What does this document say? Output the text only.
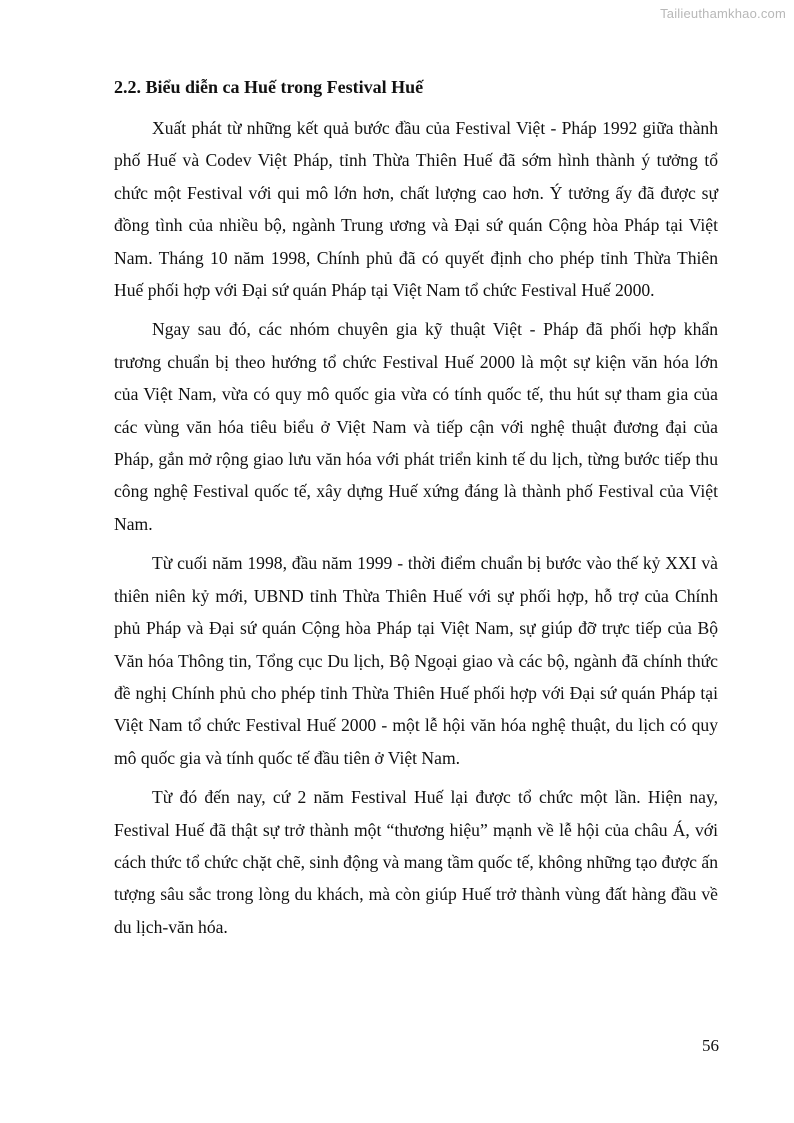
Tailieuthamkhao.com
2.2. Biểu diễn ca Huế trong Festival Huế

Xuất phát từ những kết quả bước đầu của Festival Việt - Pháp 1992 giữa thành phố Huế và Codev Việt Pháp, tỉnh Thừa Thiên Huế đã sớm hình thành ý tưởng tổ chức một Festival với qui mô lớn hơn, chất lượng cao hơn. Ý tưởng ấy đã được sự đồng tình của nhiều bộ, ngành Trung ương và Đại sứ quán Cộng hòa Pháp tại Việt Nam. Tháng 10 năm 1998, Chính phủ đã có quyết định cho phép tỉnh Thừa Thiên Huế phối hợp với Đại sứ quán Pháp tại Việt Nam tổ chức Festival Huế 2000.

Ngay sau đó, các nhóm chuyên gia kỹ thuật Việt - Pháp đã phối hợp khẩn trương chuẩn bị theo hướng tổ chức Festival Huế 2000 là một sự kiện văn hóa lớn của Việt Nam, vừa có quy mô quốc gia vừa có tính quốc tế, thu hút sự tham gia của các vùng văn hóa tiêu biểu ở Việt Nam và tiếp cận với nghệ thuật đương đại của Pháp, gắn mở rộng giao lưu văn hóa với phát triển kinh tế du lịch, từng bước tiếp thu công nghệ Festival quốc tế, xây dựng Huế xứng đáng là thành phố Festival của Việt Nam.

Từ cuối năm 1998, đầu năm 1999 - thời điểm chuẩn bị bước vào thế kỷ XXI và thiên niên kỷ mới, UBND tỉnh Thừa Thiên Huế với sự phối hợp, hỗ trợ của Chính phủ Pháp và Đại sứ quán Cộng hòa Pháp tại Việt Nam, sự giúp đỡ trực tiếp của Bộ Văn hóa Thông tin, Tổng cục Du lịch, Bộ Ngoại giao và các bộ, ngành đã chính thức đề nghị Chính phủ cho phép tỉnh Thừa Thiên Huế phối hợp với Đại sứ quán Pháp tại Việt Nam tổ chức Festival Huế 2000 - một lễ hội văn hóa nghệ thuật, du lịch có quy mô quốc gia và tính quốc tế đầu tiên ở Việt Nam.

Từ đó đến nay, cứ 2 năm Festival Huế lại được tổ chức một lần. Hiện nay, Festival Huế đã thật sự trở thành một “thương hiệu” mạnh về lễ hội của châu Á, với cách thức tổ chức chặt chẽ, sinh động và mang tầm quốc tế, không những tạo được ấn tượng sâu sắc trong lòng du khách, mà còn giúp Huế trở thành vùng đất hàng đầu về du lịch-văn hóa.

56
